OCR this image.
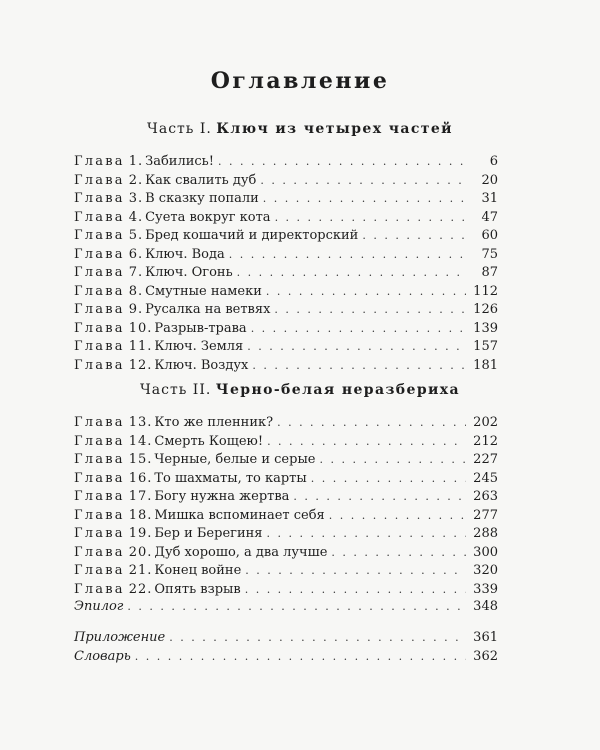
Оглавление
Часть I. Ключ из четырех частей
Глава 1 . Забились! . . .	6
Глава 2 . Как свалить дуб . . .	20
Глава 3 . В сказку попали . . .	31
Глава 4 . Суета вокруг кота . . .	47
Глава 5 . Бред кошачий и директорский . . .	60
Глава 6 . Ключ. Вода . . .	75
Глава 7 . Ключ. Огонь . . .	87
Глава 8 . Смутные намеки . . .	112
Глава 9 . Русалка на ветвях . . .	126
Глава 10 . Разрыв-трава . . .	139
Глава 11 . Ключ. Земля . . .	157
Глава 12 . Ключ. Воздух . . .	181
Часть II. Черно-белая неразбериха
Глава 13 . Кто же пленник? . . .	202
Глава 14 . Смерть Кощею! . . .	212
Глава 15 . Черные, белые и серые . . .	227
Глава 16 . То шахматы, то карты . . .	245
Глава 17 . Богу нужна жертва . . .	263
Глава 18 . Мишка вспоминает себя . . .	277
Глава 19 . Бер и Берегиня . . .	288
Глава 20 . Дуб хорошо, а два лучше . . .	300
Глава 21 . Конец войне . . .	320
Глава 22 . Опять взрыв . . .	339
Эпилог . . .	348
Приложение . . .	361
Словарь . . .	362
